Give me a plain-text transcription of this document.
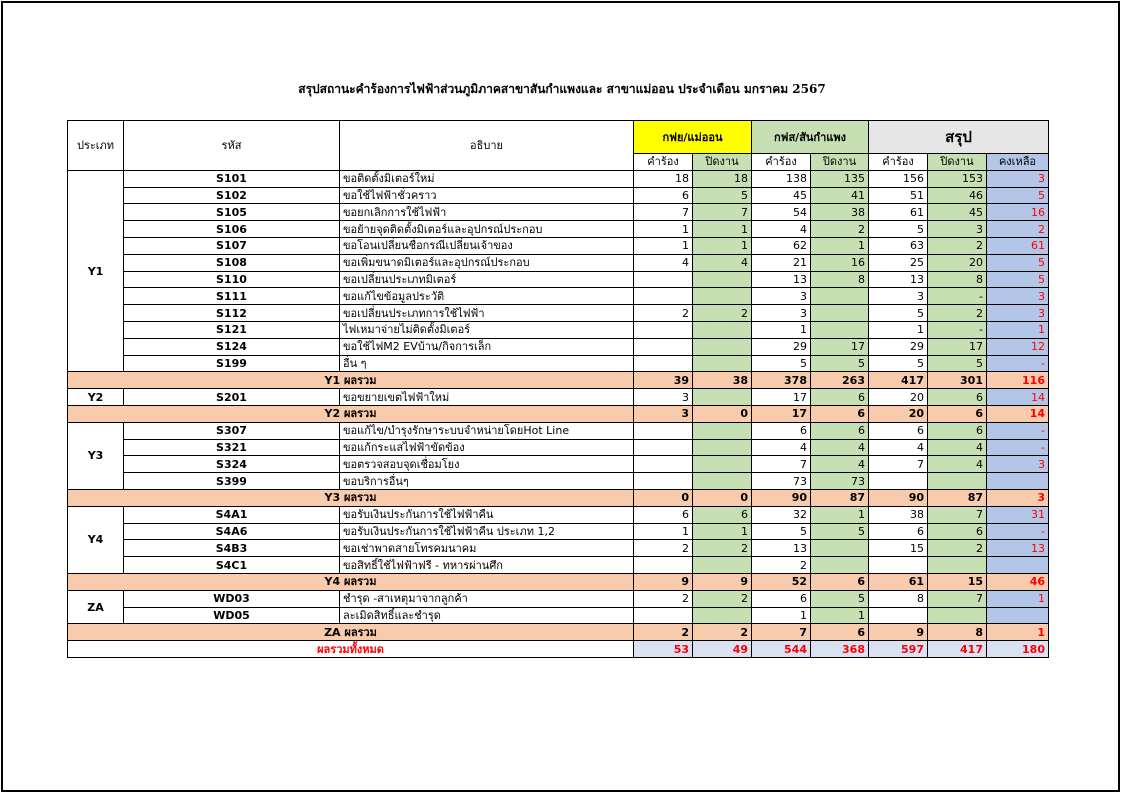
สรุปสถานะคำร้องการไฟฟ้าส่วนภูมิภาคสาขาสันกำแพงและ สาขาแม่ออน ประจำเดือน มกราคม 2567
ประเภท	รหัส	อธิบาย	กฟย/แม่ออน		กฟส/สันกำแพง		สรุป		
			คำร้อง	ปิดงาน	คำร้อง	ปิดงาน	คำร้อง	ปิดงาน	คงเหลือ
Y1	S101	ขอติดตั้งมิเตอร์ใหม่	18	18	138	135	156	153	3
	S102	ขอใช้ไฟฟ้าชั่วคราว	6	5	45	41	51	46	5
	S105	ขอยกเลิกการใช้ไฟฟ้า	7	7	54	38	61	45	16
	S106	ขอย้ายจุดติดตั้งมิเตอร์และอุปกรณ์ประกอบ	1	1	4	2	5	3	2
	S107	ขอโอนเปลี่ยนชื่อกรณีเปลี่ยนเจ้าของ	1	1	62	1	63	2	61
	S108	ขอเพิ่มขนาดมิเตอร์และอุปกรณ์ประกอบ	4	4	21	16	25	20	5
	S110	ขอเปลี่ยนประเภทมิเตอร์			13	8	13	8	5
	S111	ขอแก้ไขข้อมูลประวัติ			3		3	-	3
	S112	ขอเปลี่ยนประเภทการใช้ไฟฟ้า	2	2	3		5	2	3
	S121	ไฟเหมาจ่ายไม่ติดตั้งมิเตอร์			1		1	-	1
	S124	ขอใช้ไฟM2 EVบ้าน/กิจการเล็ก			29	17	29	17	12
	S199	อื่น ๆ			5	5	5	5	-
Y1 ผลรวม			39	38	378	263	417	301	116
Y2	S201	ขอขยายเขตไฟฟ้าใหม่	3		17	6	20	6	14
Y2 ผลรวม			3	0	17	6	20	6	14
Y3	S307	ขอแก้ไข/บำรุงรักษาระบบจำหน่ายโดยHot Line			6	6	6	6	-
	S321	ขอแก้กระแสไฟฟ้าขัดข้อง			4	4	4	4	-
	S324	ขอตรวจสอบจุดเชื่อมโยง			7	4	7	4	3
	S399	ขอบริการอื่นๆ			73	73			
Y3 ผลรวม			0	0	90	87	90	87	3
Y4	S4A1	ขอรับเงินประกันการใช้ไฟฟ้าคืน	6	6	32	1	38	7	31
	S4A6	ขอรับเงินประกันการใช้ไฟฟ้าคืน ประเภท 1,2	1	1	5	5	6	6	-
	S4B3	ขอเช่าพาดสายโทรคมนาคม	2	2	13		15	2	13
	S4C1	ขอสิทธิ์ใช้ไฟฟ้าฟรี - ทหารผ่านศึก			2				
Y4 ผลรวม			9	9	52	6	61	15	46
ZA	WD03	ชำรุด -สาเหตุมาจากลูกค้า	2	2	6	5	8	7	1
	WD05	ละเมิดสิทธิ์และชำรุด			1	1			
ZA ผลรวม			2	2	7	6	9	8	1
ผลรวมทั้งหมด			53	49	544	368	597	417	180
